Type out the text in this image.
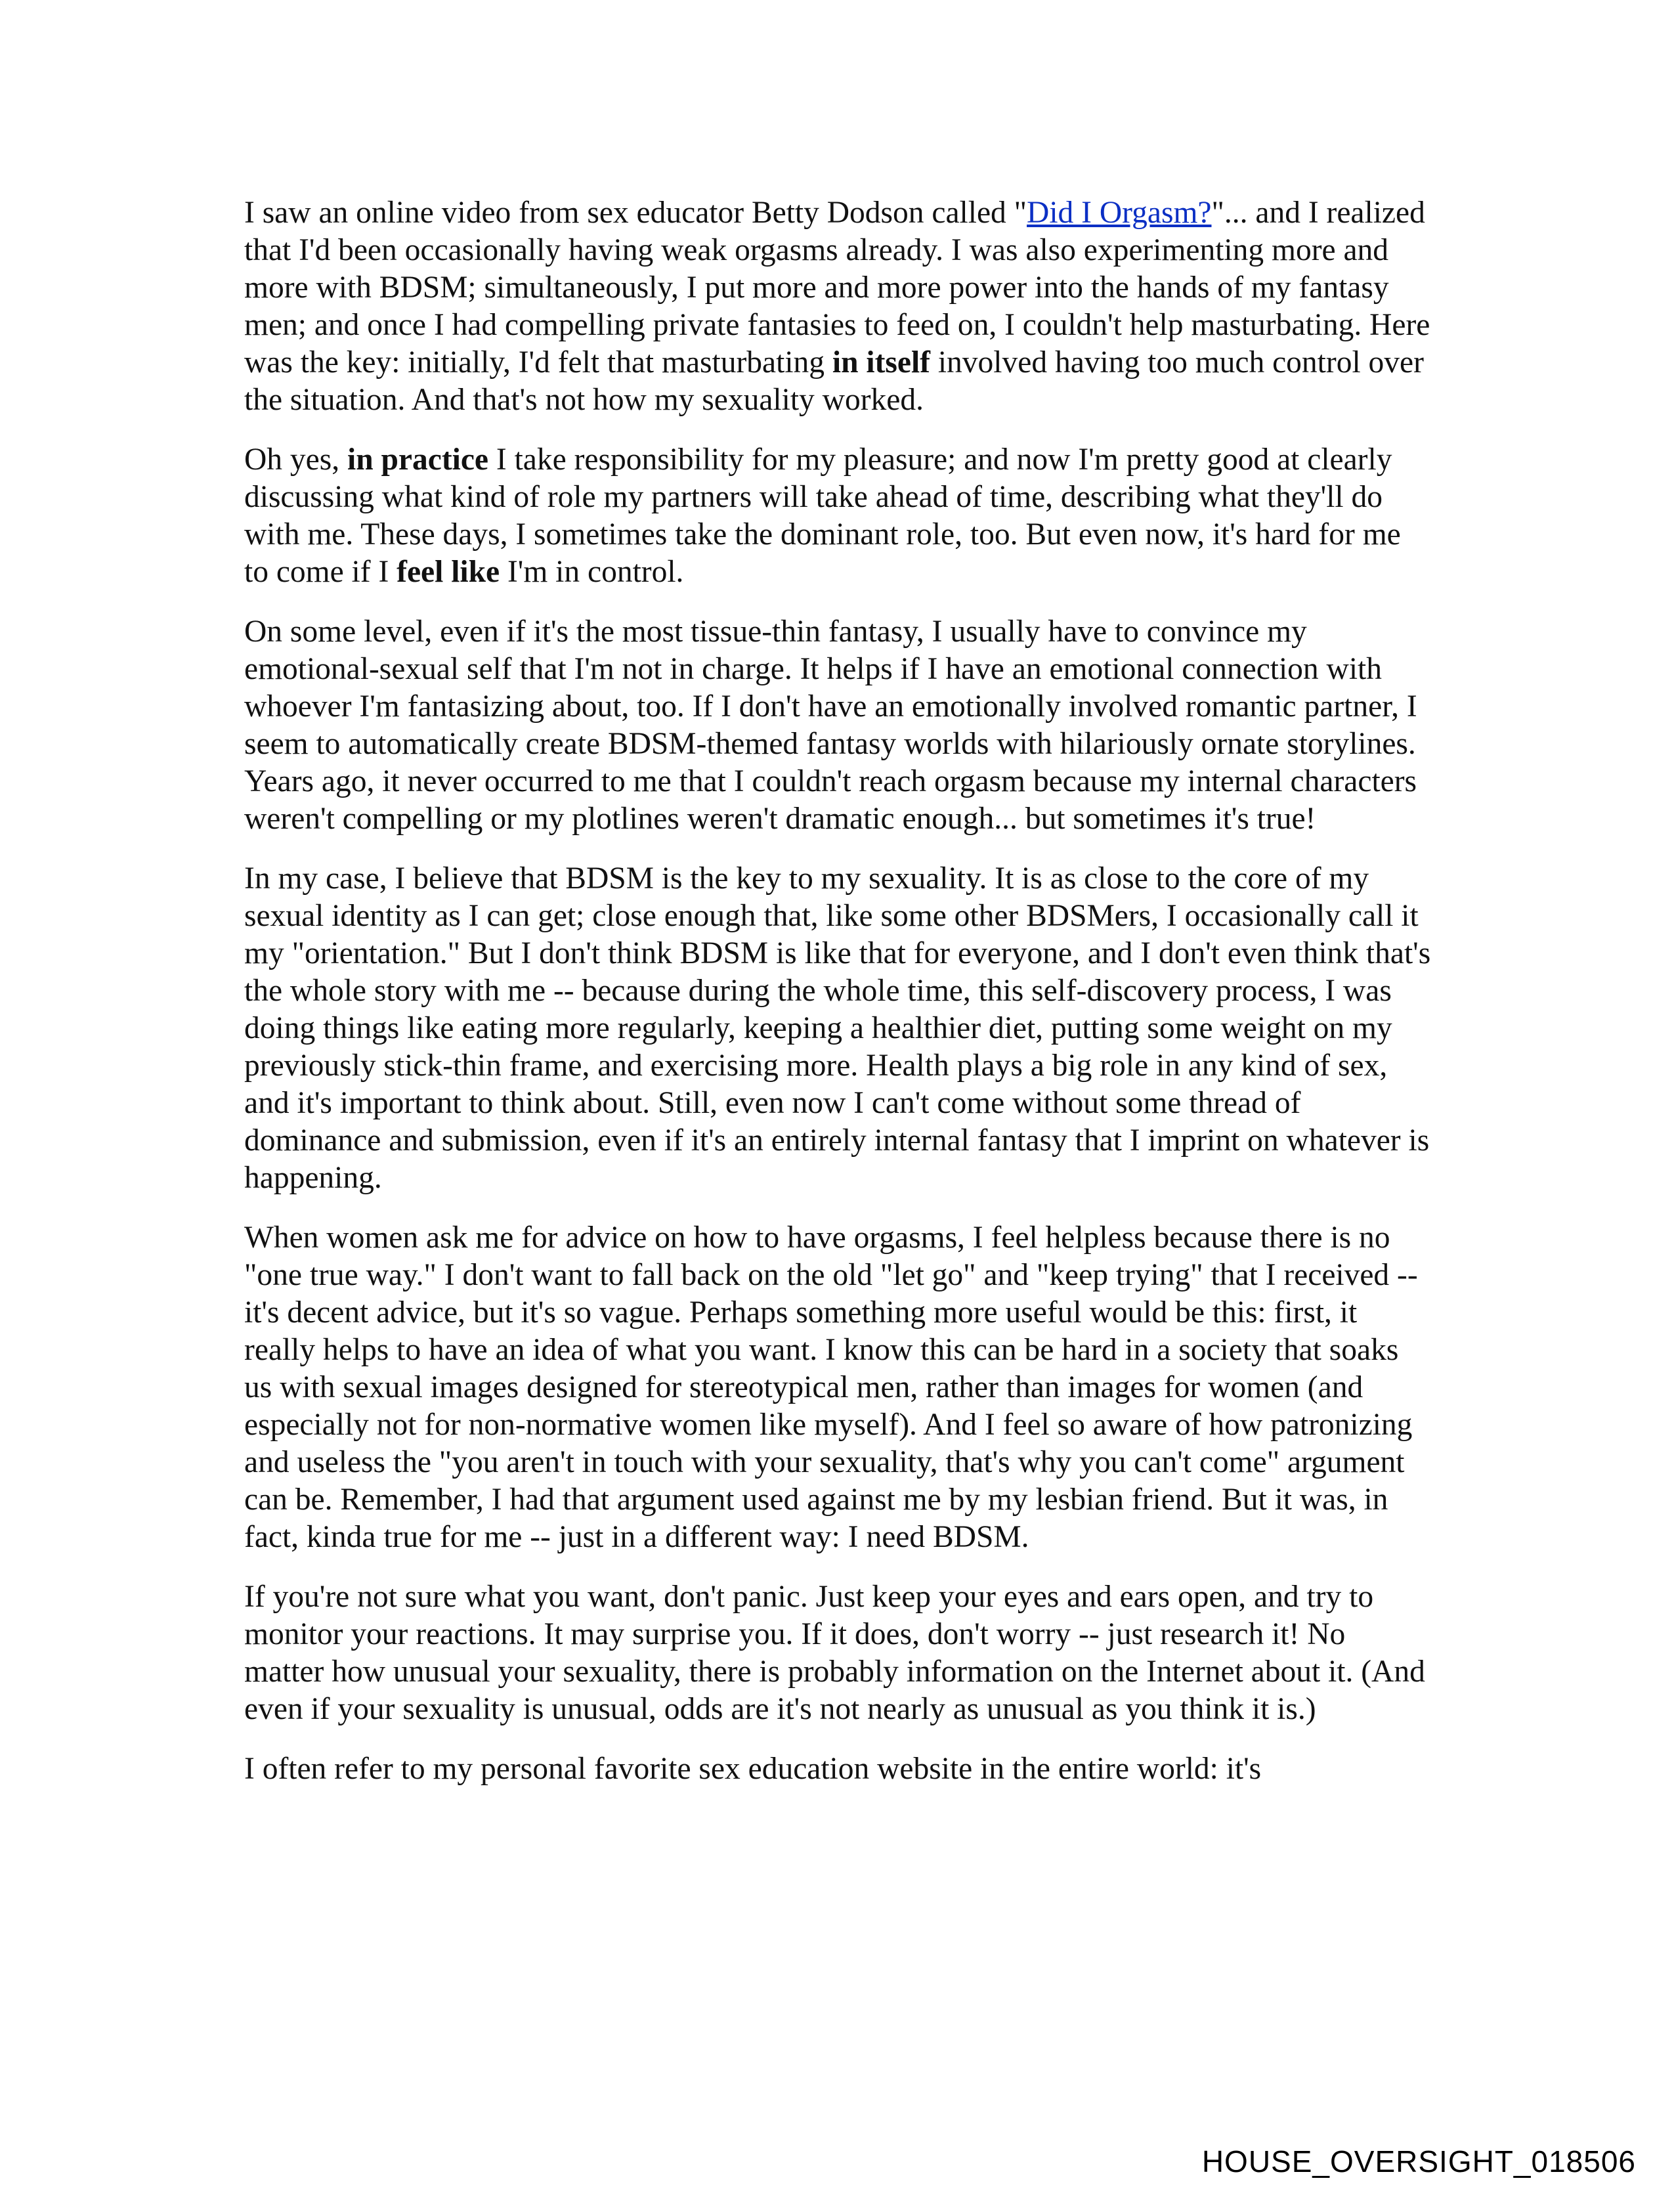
I saw an online video from sex educator Betty Dodson called "Did I Orgasm?"... and I realized that I'd been occasionally having weak orgasms already. I was also experimenting more and more with BDSM; simultaneously, I put more and more power into the hands of my fantasy men; and once I had compelling private fantasies to feed on, I couldn't help masturbating. Here was the key: initially, I'd felt that masturbating in itself involved having too much control over the situation. And that's not how my sexuality worked.

Oh yes, in practice I take responsibility for my pleasure; and now I'm pretty good at clearly discussing what kind of role my partners will take ahead of time, describing what they'll do with me. These days, I sometimes take the dominant role, too. But even now, it's hard for me to come if I feel like I'm in control.

On some level, even if it's the most tissue-thin fantasy, I usually have to convince my emotional-sexual self that I'm not in charge. It helps if I have an emotional connection with whoever I'm fantasizing about, too. If I don't have an emotionally involved romantic partner, I seem to automatically create BDSM-themed fantasy worlds with hilariously ornate storylines. Years ago, it never occurred to me that I couldn't reach orgasm because my internal characters weren't compelling or my plotlines weren't dramatic enough... but sometimes it's true!

In my case, I believe that BDSM is the key to my sexuality. It is as close to the core of my sexual identity as I can get; close enough that, like some other BDSMers, I occasionally call it my "orientation." But I don't think BDSM is like that for everyone, and I don't even think that's the whole story with me -- because during the whole time, this self-discovery process, I was doing things like eating more regularly, keeping a healthier diet, putting some weight on my previously stick-thin frame, and exercising more. Health plays a big role in any kind of sex, and it's important to think about. Still, even now I can't come without some thread of dominance and submission, even if it's an entirely internal fantasy that I imprint on whatever is happening.

When women ask me for advice on how to have orgasms, I feel helpless because there is no "one true way." I don't want to fall back on the old "let go" and "keep trying" that I received -- it's decent advice, but it's so vague. Perhaps something more useful would be this: first, it really helps to have an idea of what you want. I know this can be hard in a society that soaks us with sexual images designed for stereotypical men, rather than images for women (and especially not for non-normative women like myself). And I feel so aware of how patronizing and useless the "you aren't in touch with your sexuality, that's why you can't come" argument can be. Remember, I had that argument used against me by my lesbian friend. But it was, in fact, kinda true for me -- just in a different way: I need BDSM.

If you're not sure what you want, don't panic. Just keep your eyes and ears open, and try to monitor your reactions. It may surprise you. If it does, don't worry -- just research it! No matter how unusual your sexuality, there is probably information on the Internet about it. (And even if your sexuality is unusual, odds are it's not nearly as unusual as you think it is.)

I often refer to my personal favorite sex education website in the entire world: it's

HOUSE_OVERSIGHT_018506
